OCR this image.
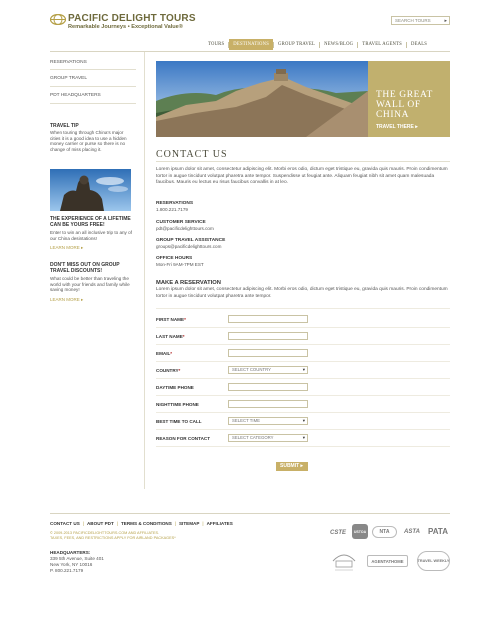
PACIFIC DELIGHT TOURS
Remarkable Journeys • Exceptional Value®
SEARCH TOURS	▸
TOURS	DESTINATIONS	GROUP TRAVEL	NEWS/BLOG	TRAVEL AGENTS	DEALS
RESERVATIONS
GROUP TRAVEL
PDT HEADQUARTERS
TRAVEL TIP
When touring through China's major cities it is a good idea to use a hidden money carrier or purse so there is no change of miss placing it.
THE EXPERIENCE OF A LIFETIME CAN BE YOURS FREE!
Enter to win an all inclusive trip to any of our China desintations!
LEARN MORE ▸
DON'T MISS OUT ON GROUP TRAVEL DISCOUNTS!
What could be better than traveling the world with your friends and family while saving money!
LEARN MORE ▸
THE GREAT
WALL OF
CHINA
TRAVEL THERE ▸
CONTACT US
Lorem ipsum dolor sit amet, consectetur adipiscing elit. Morbi eros odio, dictum eget tristique eu, gravida quis mauris. Proin condimentum tortor in augue tincidunt volutpat pharetra ante tempor. Suspendisse ut feugiat ante. Aliquam feugiat nibh sit amet quam malesuada faucibus. Mauris eu lectus eu risus faucibus convallis in at leo.
RESERVATIONS
1.800.221.7179
CUSTOMER SERVICE
pdt@pacificdelighttours.com
GROUP TRAVEL ASSISTANCE
groups@pacificdelighttours.com
OFFICE HOURS
Mon-Fri 9AM-7PM EST
MAKE A RESERVATION
Lorem ipsum dolor sit amet, consectetur adipiscing elit. Morbi eros odio, dictum eget tristique eu, gravida quis mauris. Proin condimentum tortor in augue tincidunt volutpat pharetra ante tempor.
FIRST NAME*
LAST NAME*
EMAIL*
COUNTRY*	SELECT COUNTRY	▾
DAYTIME PHONE
NIGHTTIME PHONE
BEST TIME TO CALL	SELECT TIME	▾
REASON FOR CONTACT	SELECT CATEGORY	▾
SUBMIT ▸
CONTACT US | ABOUT PDT | TERMS & CONDITIONS | SITEMAP | AFFILIATES
© 2009-2013 PACIFICDELIGHTTOURS.COM AND AFFILIATES.
TAXES, FEES, AND RESTRICTIONS APPLY FOR AIRLAND PACKAGES*
HEADQUARTERS:
339 5th Avenue, Suite 401
New York, NY 10016
P. 800.221.7179
CSTE	USTOA	NTA	ASTA	PATA
AGENTATHOME	TRAVEL WEEKLY
